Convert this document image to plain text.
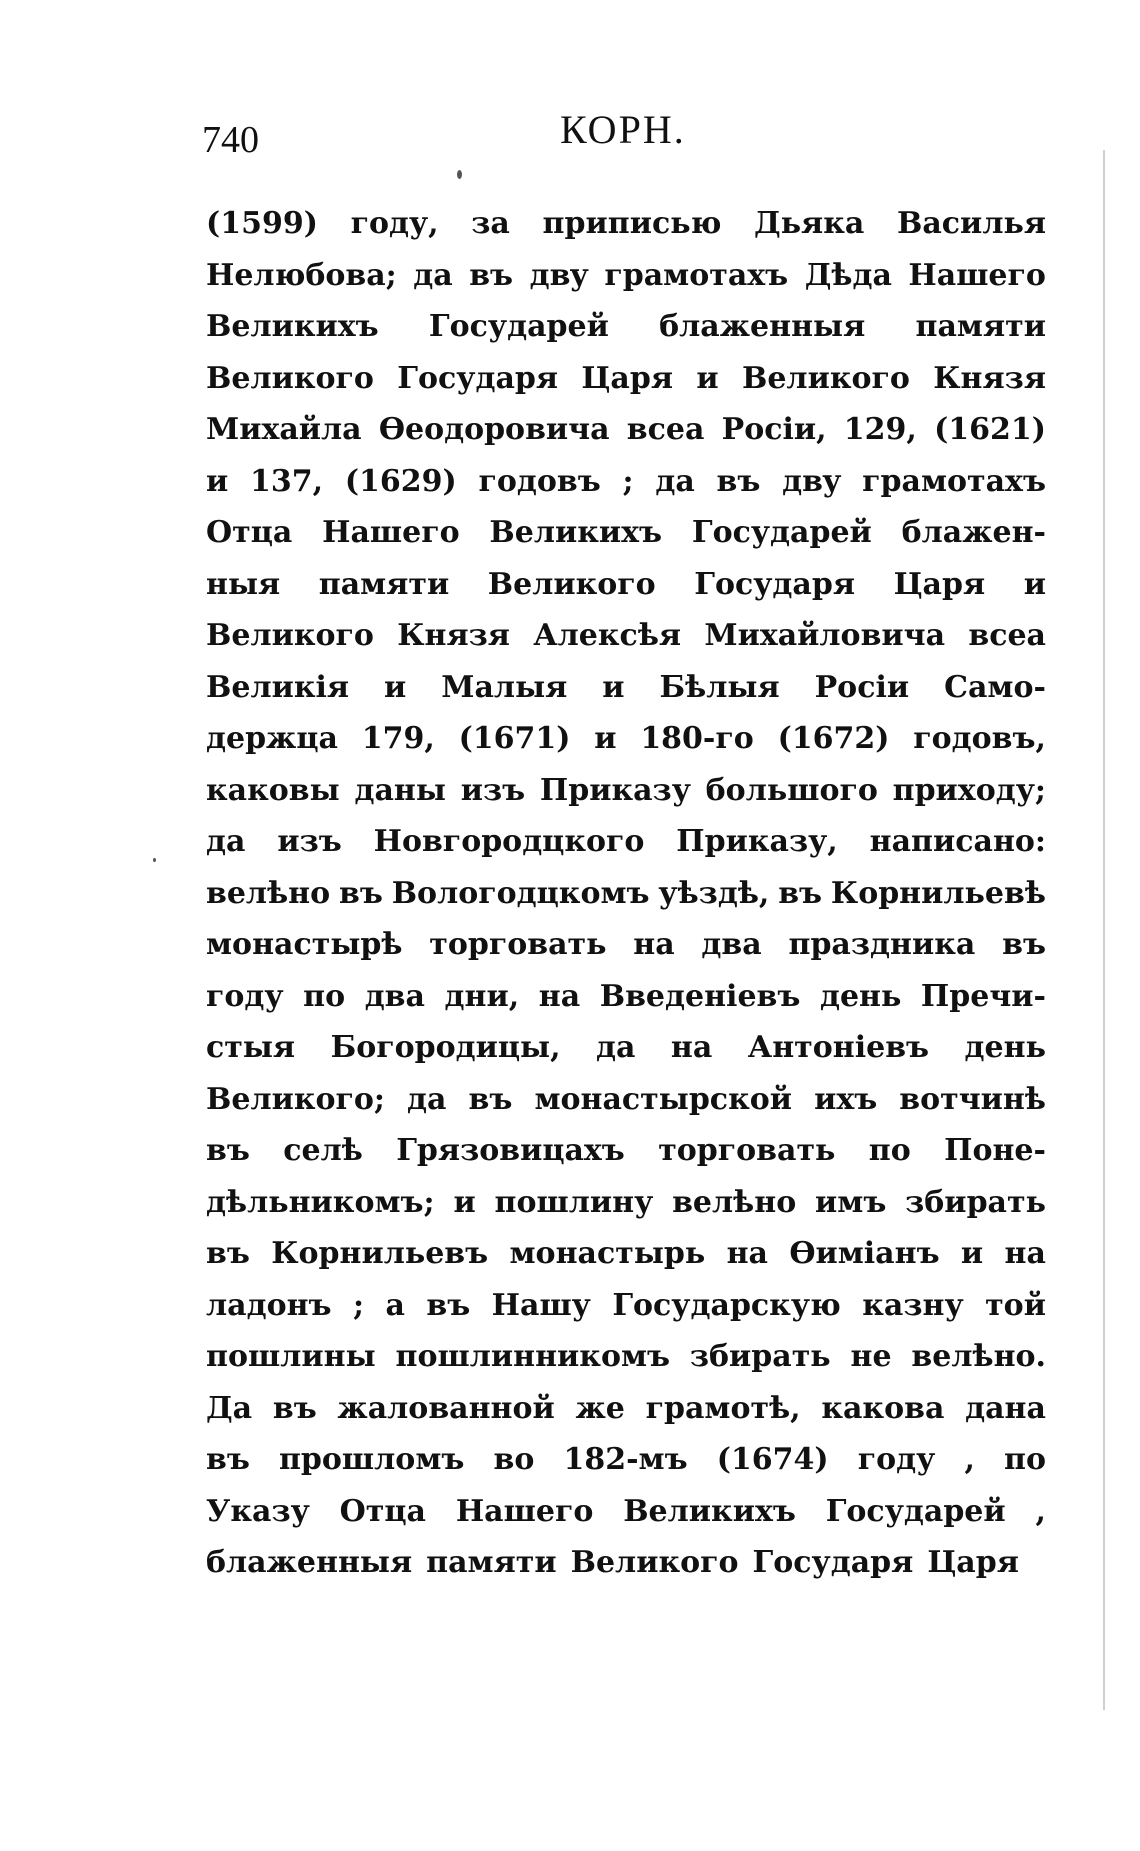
740	КОРН.
(1599) году, за приписью Дьяка Василья
Нелюбова; да въ двy грамотахъ Дѣда Нашего
Великихъ Государей блаженныя памяти
Великого Государя Царя и Великого Князя
Михайла Ѳеодоровича всеа Росіи, 129, (1621)
и 137, (1629) годовъ ; да въ двy грамотахъ
Отца Нашего Великихъ Государей блажен-
ныя памяти Великого Государя Царя и
Великого Князя Алексѣя Михайловича всеа
Великія и Малыя и Бѣлыя Росіи Само-
держца 179, (1671) и 180-го (1672) годовъ,
каковы даны изъ Приказу большого приходу;
да изъ Новгородцкого Приказу, написано:
велѣно въ Вологодцкомъ уѣздѣ, въ Корнильевѣ
монастырѣ торговать на два праздника въ
году по два дни, на Введеніевъ день Пречи-
стыя Богородицы, да на Антоніевъ день
Великого; да въ монастырской ихъ вотчинѣ
въ селѣ Грязовицахъ торговать по Поне-
дѣльникомъ; и пошлину велѣно имъ збирать
въ Корнильевъ монастырь на Ѳиміанъ и на
ладонъ ; а въ Нашу Государскую казну той
пошлины пошлинникомъ збирать не велѣно.
Да въ жалованной же грамотѣ, какова дана
въ прошломъ во 182-мъ (1674) году , по
Указу Отца Нашего Великихъ Государей ,
блаженныя памяти Великого Государя Царя
